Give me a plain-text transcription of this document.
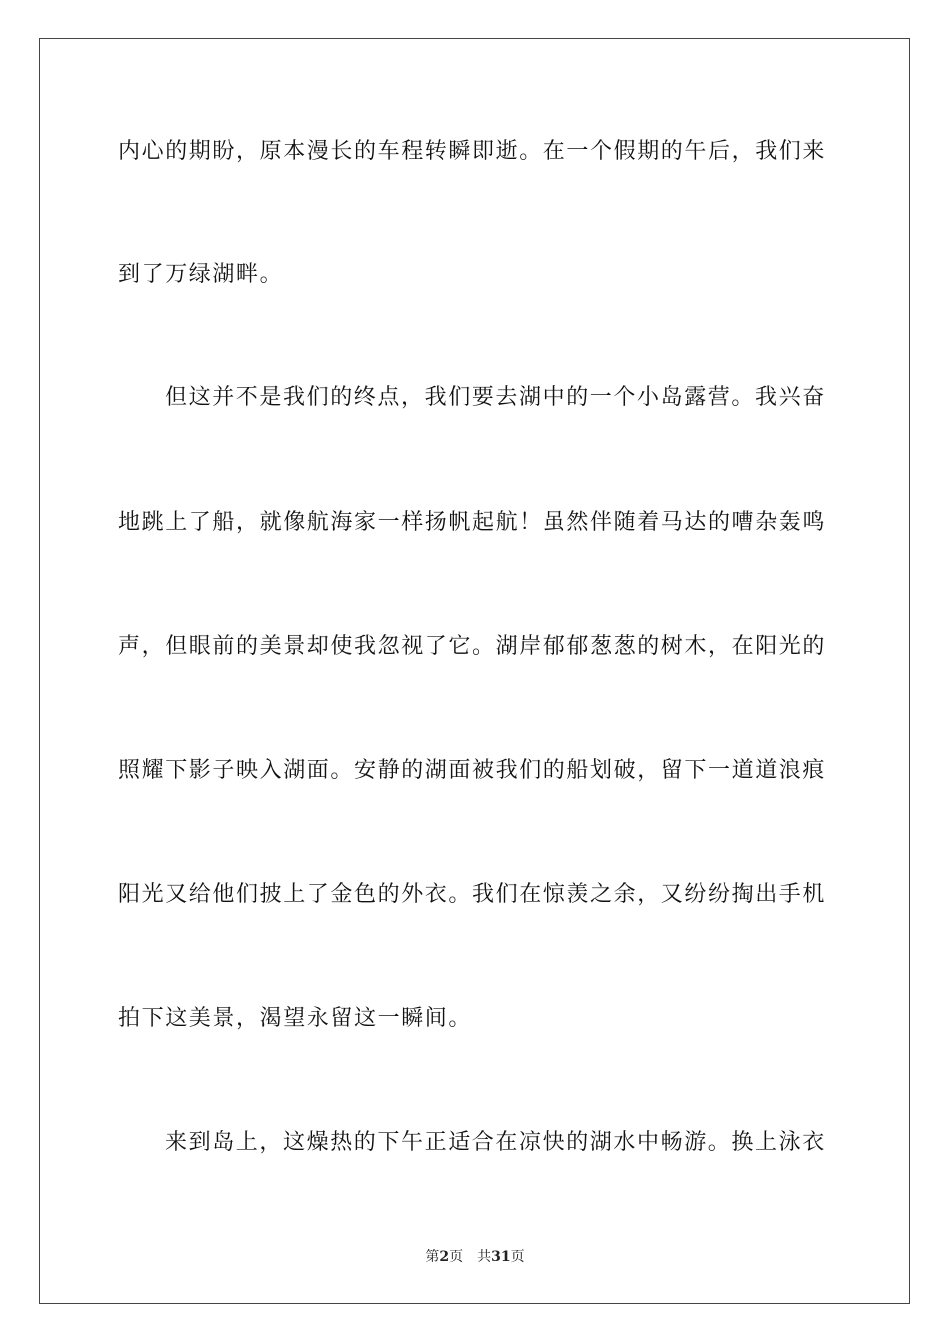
内心的期盼，原本漫长的车程转瞬即逝。在一个假期的午后，我们来
到了万绿湖畔。
但这并不是我们的终点，我们要去湖中的一个小岛露营。我兴奋
地跳上了船，就像航海家一样扬帆起航！虽然伴随着马达的嘈杂轰鸣
声，但眼前的美景却使我忽视了它。湖岸郁郁葱葱的树木，在阳光的
照耀下影子映入湖面。安静的湖面被我们的船划破，留下一道道浪痕
阳光又给他们披上了金色的外衣。我们在惊羡之余，又纷纷掏出手机
拍下这美景，渴望永留这一瞬间。
来到岛上，这燥热的下午正适合在凉快的湖水中畅游。换上泳衣
第2页 共31页
